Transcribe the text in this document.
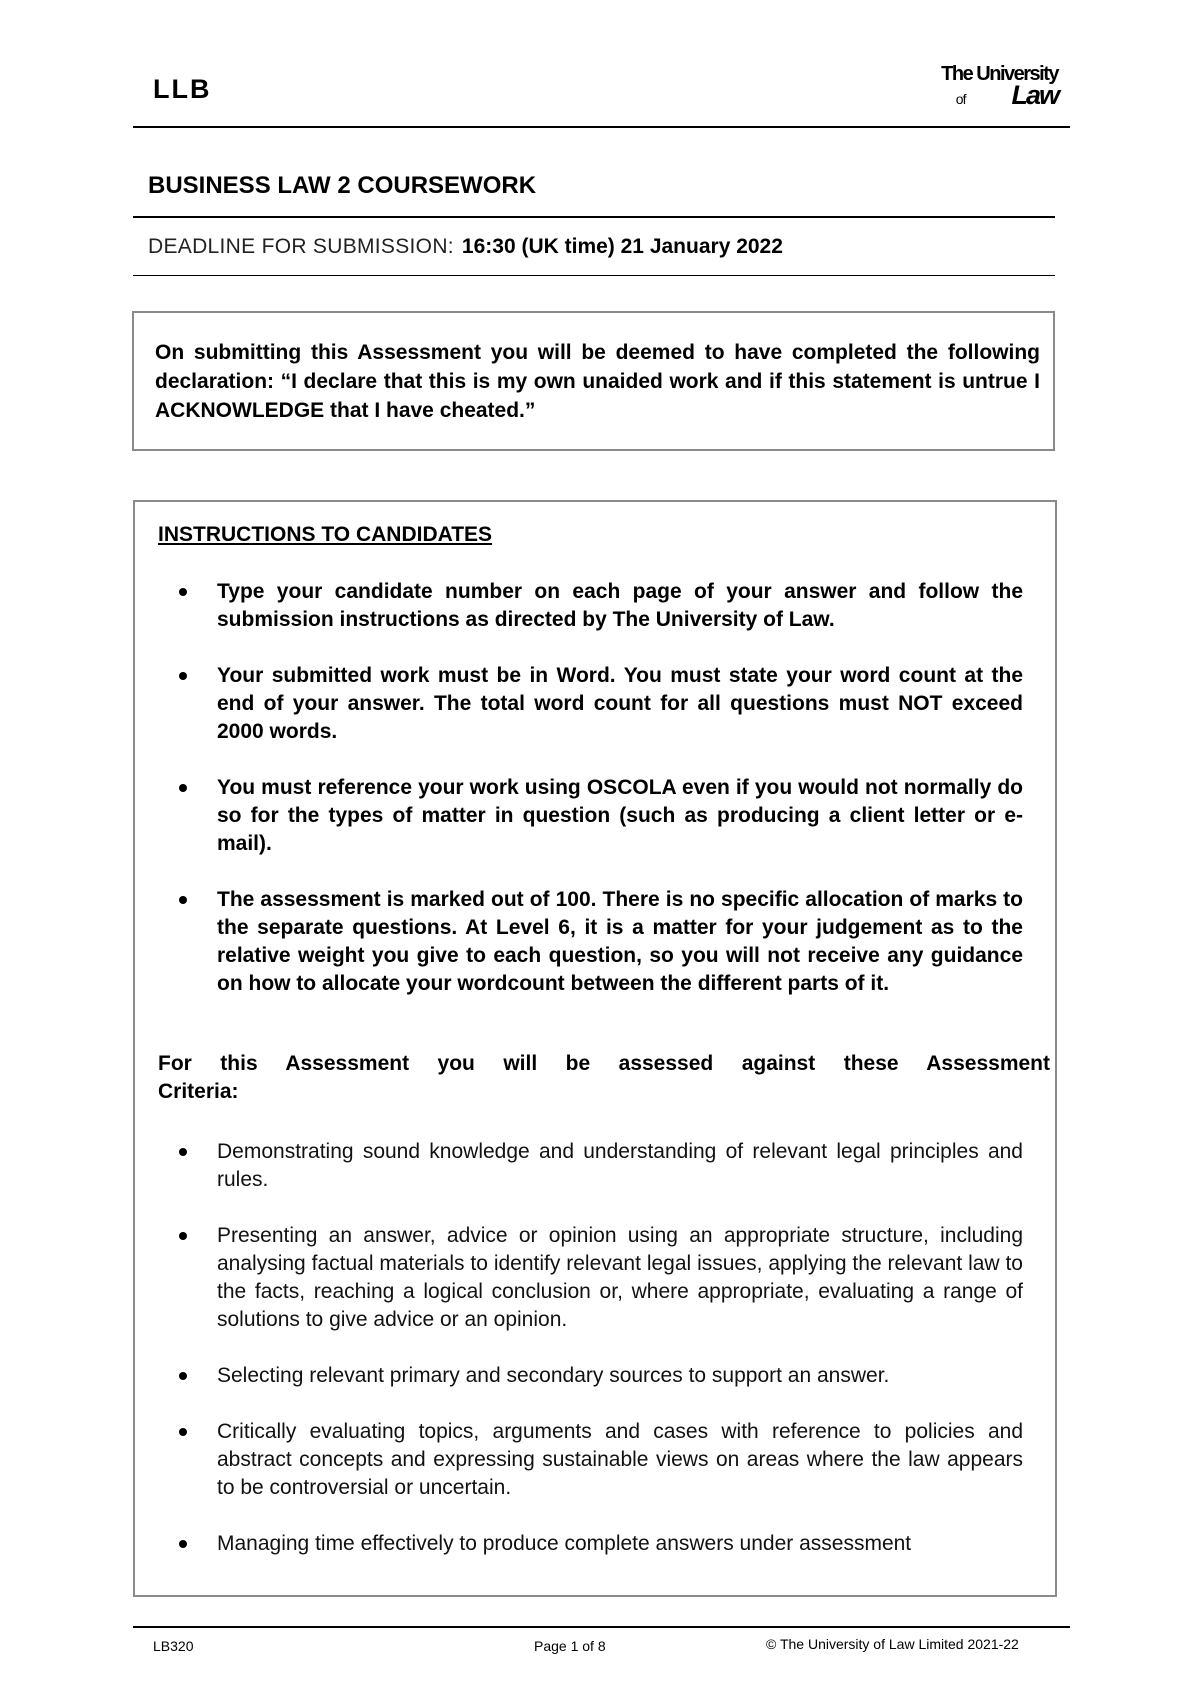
LLB	The University
of Law
BUSINESS LAW 2 COURSEWORK
DEADLINE FOR SUBMISSION: 16:30 (UK time) 21 January 2022
On submitting this Assessment you will be deemed to have completed the following declaration: “I declare that this is my own unaided work and if this statement is untrue I ACKNOWLEDGE that I have cheated.”
INSTRUCTIONS TO CANDIDATES
Type your candidate number on each page of your answer and follow the submission instructions as directed by The University of Law.
Your submitted work must be in Word. You must state your word count at the end of your answer. The total word count for all questions must NOT exceed 2000 words.
You must reference your work using OSCOLA even if you would not normally do so for the types of matter in question (such as producing a client letter or e-mail).
The assessment is marked out of 100. There is no specific allocation of marks to the separate questions. At Level 6, it is a matter for your judgement as to the relative weight you give to each question, so you will not receive any guidance on how to allocate your wordcount between the different parts of it.
For this Assessment you will be assessed against these Assessment
Criteria:
Demonstrating sound knowledge and understanding of relevant legal principles and rules.
Presenting an answer, advice or opinion using an appropriate structure, including analysing factual materials to identify relevant legal issues, applying the relevant law to the facts, reaching a logical conclusion or, where appropriate, evaluating a range of solutions to give advice or an opinion.
Selecting relevant primary and secondary sources to support an answer.
Critically evaluating topics, arguments and cases with reference to policies and abstract concepts and expressing sustainable views on areas where the law appears to be controversial or uncertain.
Managing time effectively to produce complete answers under assessment
LB320	Page 1 of 8	© The University of Law Limited 2021-22
